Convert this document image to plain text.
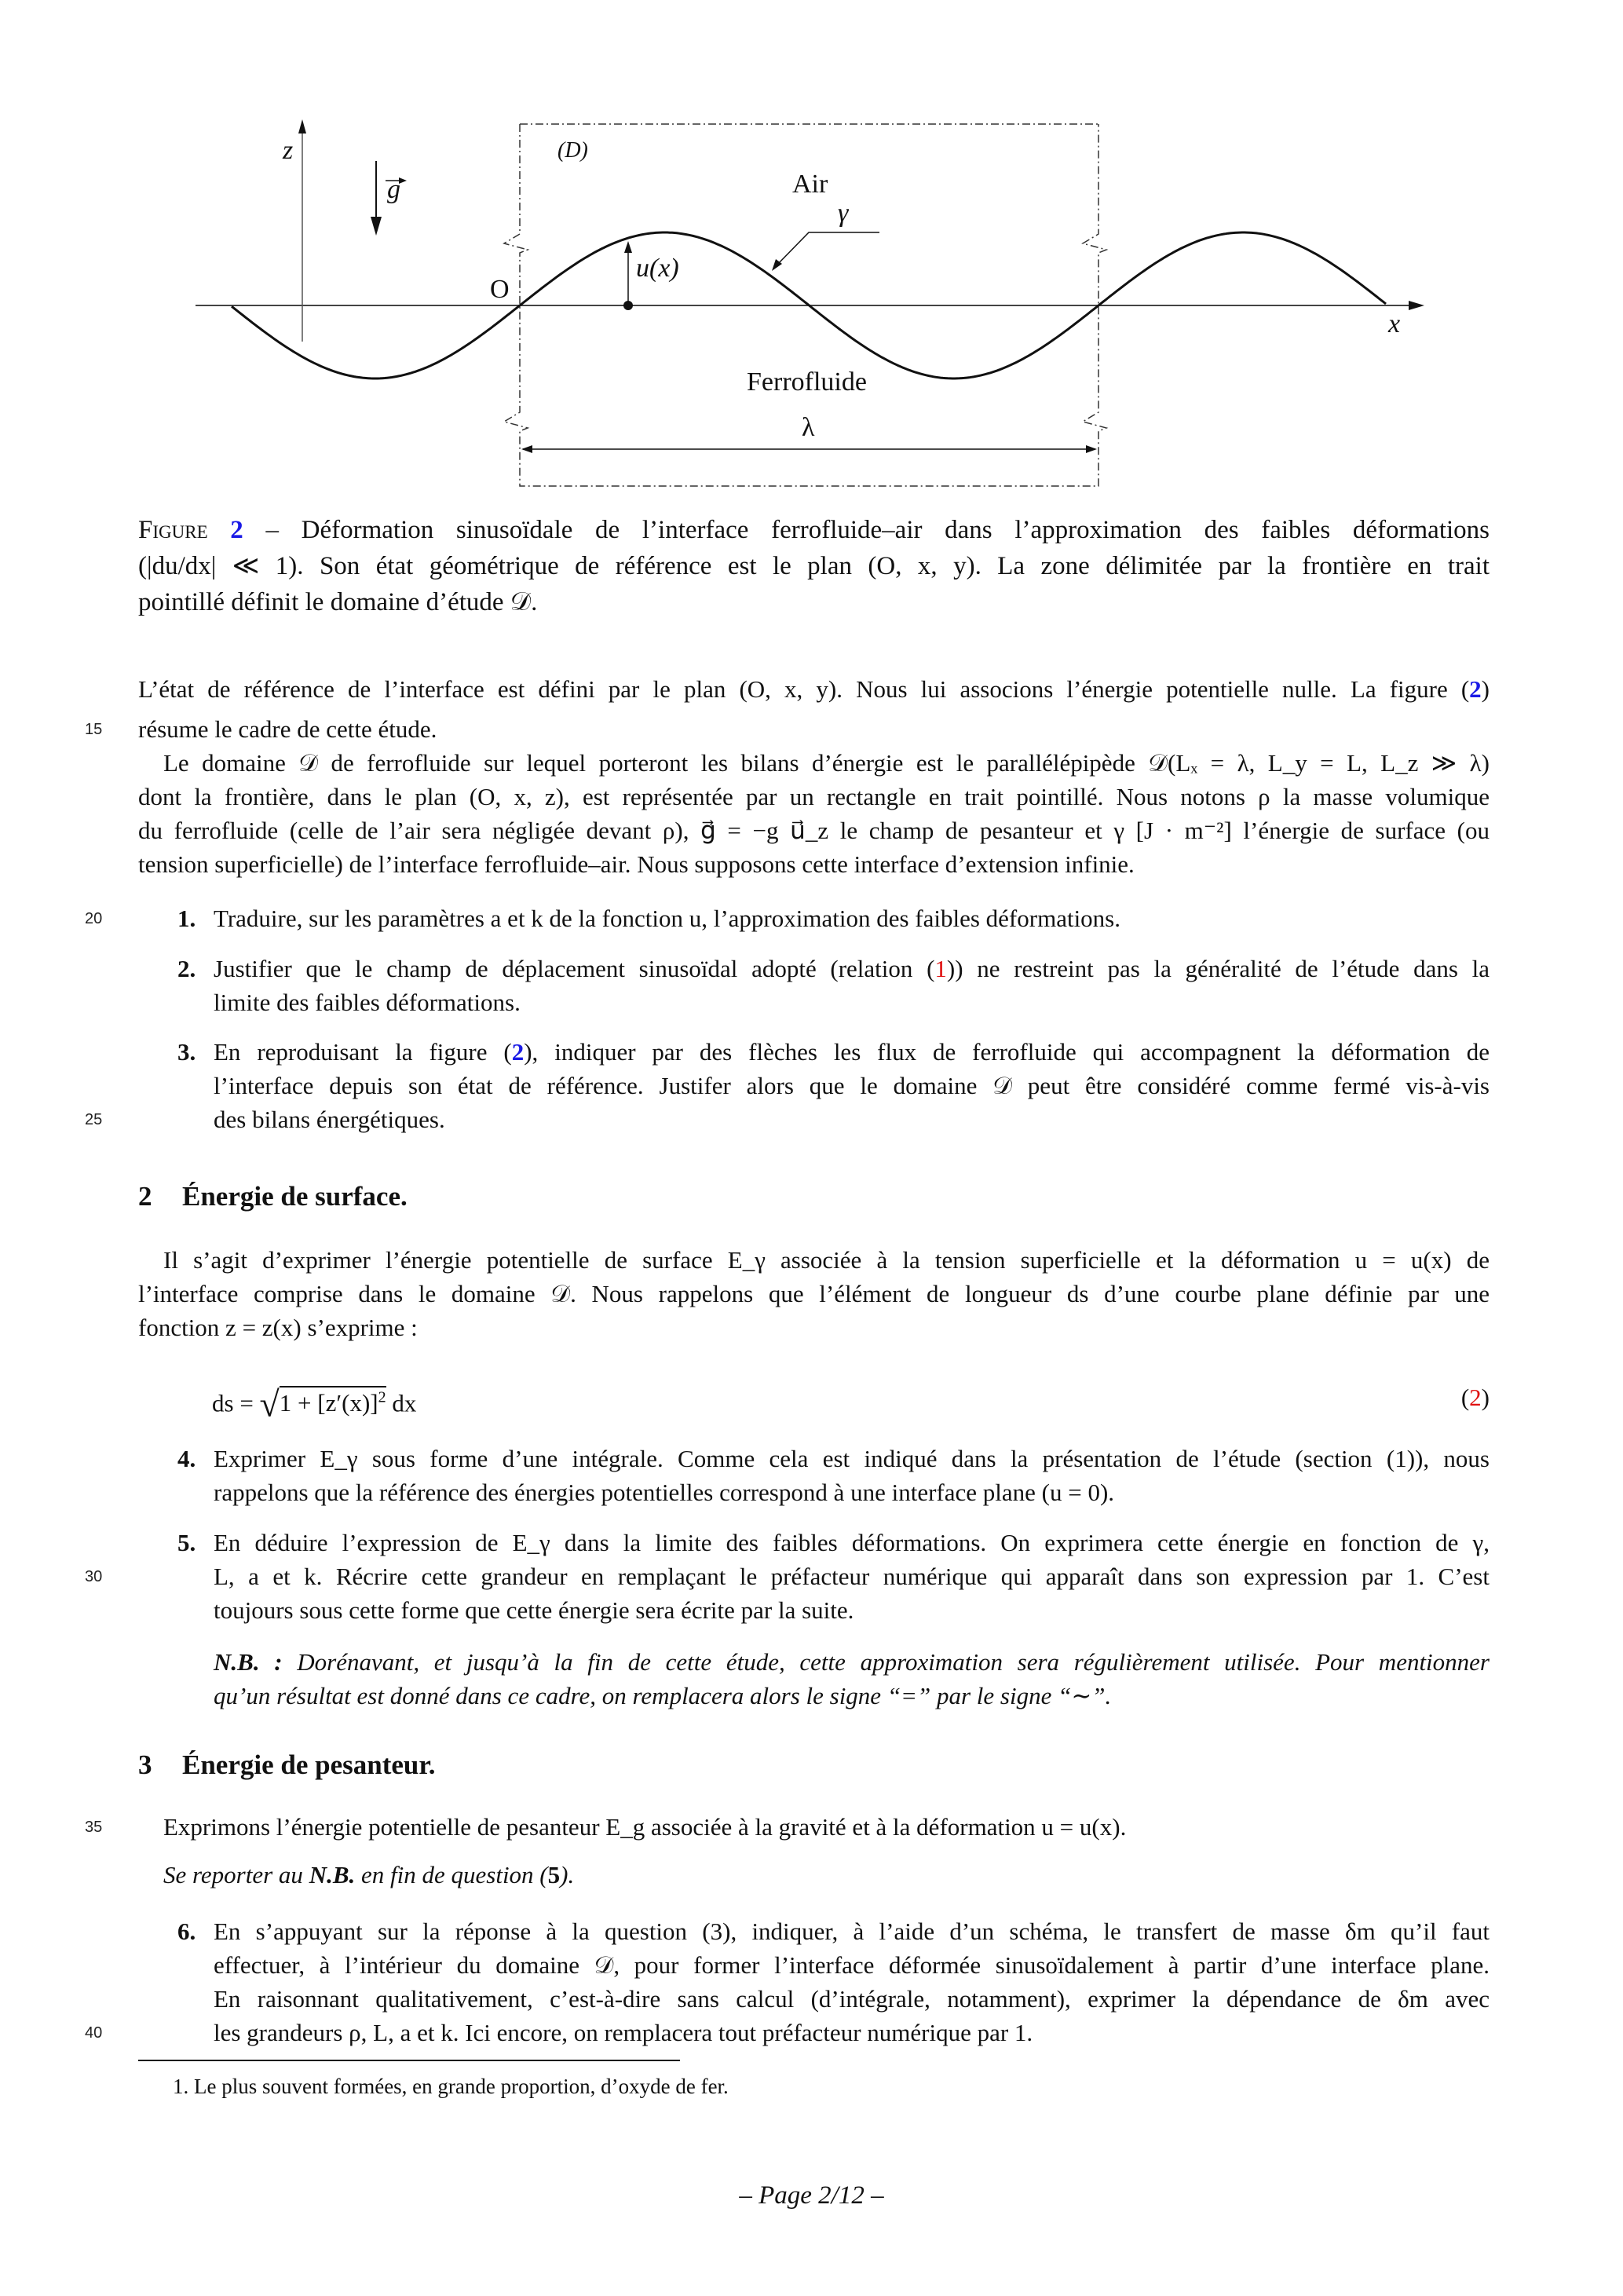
z
g
(D)
Air
γ
O
u(x)
x
Ferrofluide
λ
Figure 2 – Déformation sinusoïdale de l’interface ferrofluide–air dans l’approximation des faibles déformations
(|du/dx| ≪ 1). Son état géométrique de référence est le plan (O, x, y). La zone délimitée par la frontière en trait
pointillé définit le domaine d’étude 𝒟.
L’état de référence de l’interface est défini par le plan (O, x, y). Nous lui associons l’énergie potentielle nulle. La figure (2)
15 résume le cadre de cette étude.
Le domaine 𝒟 de ferrofluide sur lequel porteront les bilans d’énergie est le parallélépipède 𝒟(Lₓ = λ, L_y = L, L_z ≫ λ)
dont la frontière, dans le plan (O, x, z), est représentée par un rectangle en trait pointillé. Nous notons ρ la masse volumique
du ferrofluide (celle de l’air sera négligée devant ρ), g⃗ = −g u⃗_z le champ de pesanteur et γ [J · m⁻²] l’énergie de surface (ou
tension superficielle) de l’interface ferrofluide–air. Nous supposons cette interface d’extension infinie.
20	1. Traduire, sur les paramètres a et k de la fonction u, l’approximation des faibles déformations.
2. Justifier que le champ de déplacement sinusoïdal adopté (relation (1)) ne restreint pas la généralité de l’étude dans la
limite des faibles déformations.
3. En reproduisant la figure (2), indiquer par des flèches les flux de ferrofluide qui accompagnent la déformation de
l’interface depuis son état de référence. Justifer alors que le domaine 𝒟 peut être considéré comme fermé vis-à-vis
25	des bilans énergétiques.
2 Énergie de surface.
Il s’agit d’exprimer l’énergie potentielle de surface E_γ associée à la tension superficielle et la déformation u = u(x) de
l’interface comprise dans le domaine 𝒟. Nous rappelons que l’élément de longueur ds d’une courbe plane définie par une
fonction z = z(x) s’exprime :
ds = $√1 + [z'(x)]^2$ dx	(2)
4. Exprimer E_γ sous forme d’une intégrale. Comme cela est indiqué dans la présentation de l’étude (section (1)), nous
rappelons que la référence des énergies potentielles correspond à une interface plane (u = 0).
5. En déduire l’expression de E_γ dans la limite des faibles déformations. On exprimera cette énergie en fonction de γ,
30	L, a et k. Récrire cette grandeur en remplaçant le préfacteur numérique qui apparaît dans son expression par 1. C’est
toujours sous cette forme que cette énergie sera écrite par la suite.
N.B. : Dorénavant, et jusqu’à la fin de cette étude, cette approximation sera régulièrement utilisée. Pour mentionner
qu’un résultat est donné dans ce cadre, on remplacera alors le signe “=” par le signe “∼”.
3 Énergie de pesanteur.
35	Exprimons l’énergie potentielle de pesanteur E_g associée à la gravité et à la déformation u = u(x).
Se reporter au N.B. en fin de question (5).
6. En s’appuyant sur la réponse à la question (3), indiquer, à l’aide d’un schéma, le transfert de masse δm qu’il faut
effectuer, à l’intérieur du domaine 𝒟, pour former l’interface déformée sinusoïdalement à partir d’une interface plane.
En raisonnant qualitativement, c’est-à-dire sans calcul (d’intégrale, notamment), exprimer la dépendance de δm avec
40	les grandeurs ρ, L, a et k. Ici encore, on remplacera tout préfacteur numérique par 1.
1. Le plus souvent formées, en grande proportion, d’oxyde de fer.
– Page 2/12 –
